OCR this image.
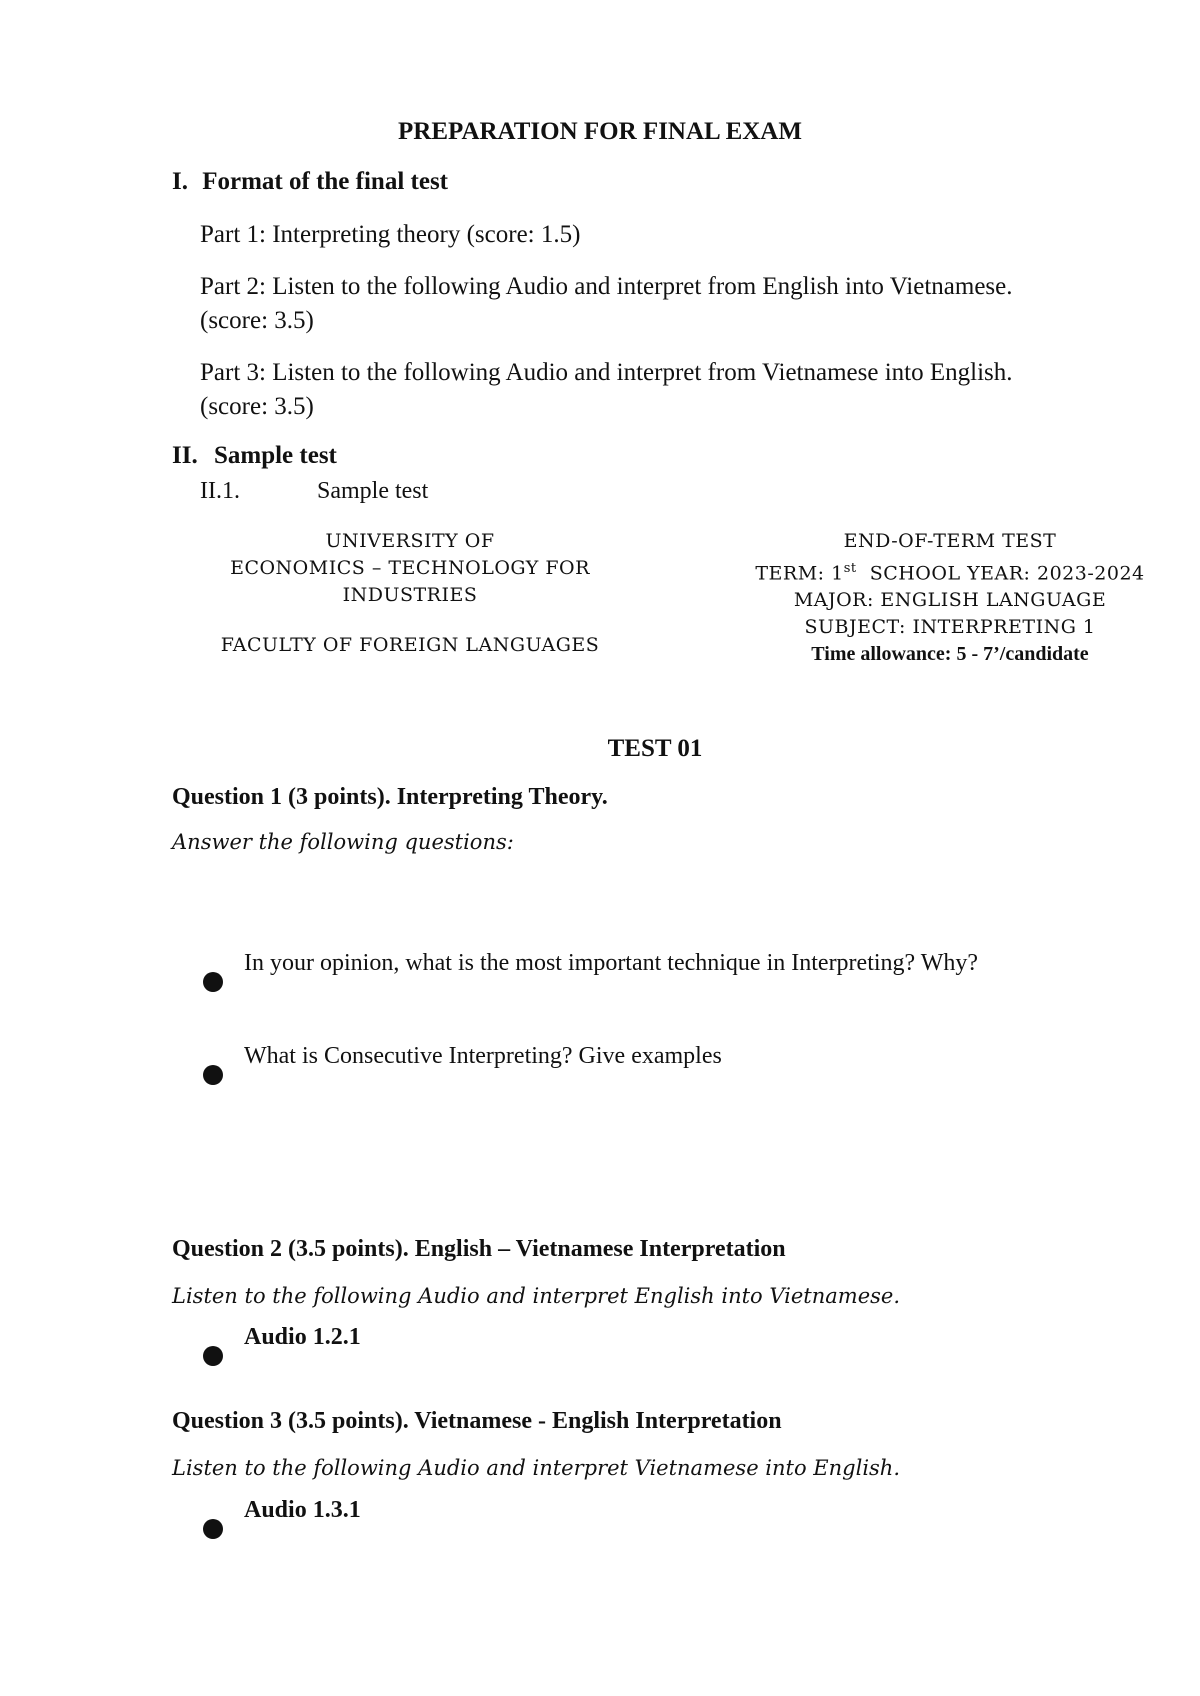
PREPARATION FOR FINAL EXAM
I. Format of the final test
Part 1: Interpreting theory (score: 1.5)
Part 2: Listen to the following Audio and interpret from English into Vietnamese.
(score: 3.5)
Part 3: Listen to the following Audio and interpret from Vietnamese into English.
(score: 3.5)
II. Sample test
II.1.	Sample test
UNIVERSITY OF
ECONOMICS – TECHNOLOGY FOR
INDUSTRIES
FACULTY OF FOREIGN LANGUAGES
END-OF-TERM TEST
TERM: 1st  SCHOOL YEAR: 2023-2024
MAJOR: ENGLISH LANGUAGE
SUBJECT: INTERPRETING 1
Time allowance: 5 - 7’/candidate
TEST 01
Question 1 (3 points). Interpreting Theory.
Answer the following questions:
In your opinion, what is the most important technique in Interpreting? Why?
What is Consecutive Interpreting? Give examples
Question 2 (3.5 points). English – Vietnamese Interpretation
Listen to the following Audio and interpret English into Vietnamese.
Audio 1.2.1
Question 3 (3.5 points). Vietnamese - English Interpretation
Listen to the following Audio and interpret Vietnamese into English.
Audio 1.3.1
